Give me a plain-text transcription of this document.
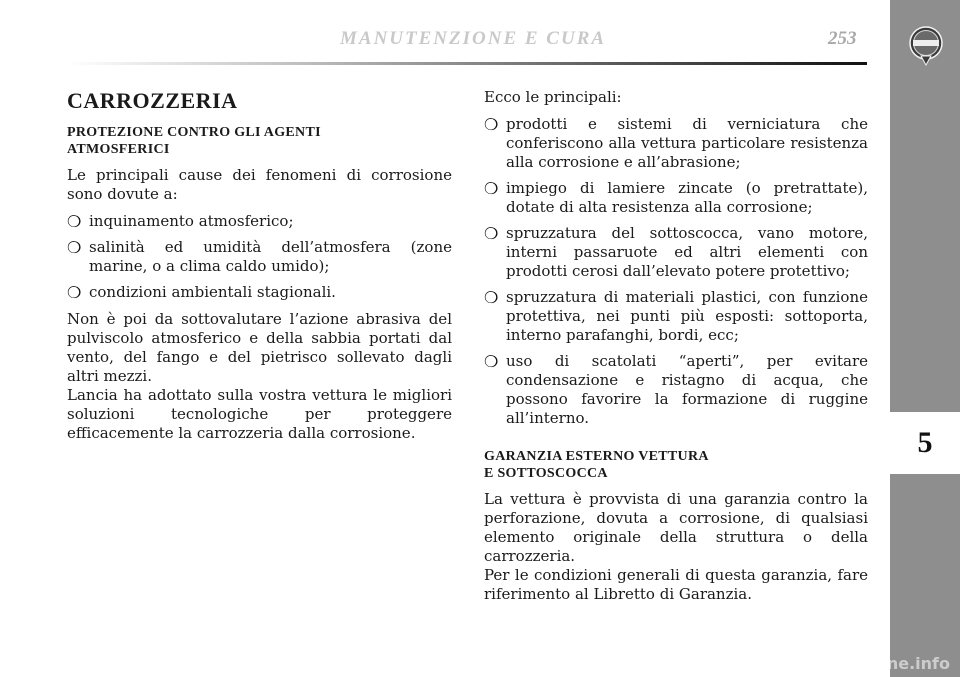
MANUTENZIONE E CURA	253
5
CARROZZERIA
PROTEZIONE CONTRO GLI AGENTI
ATMOSFERICI

Le principali cause dei fenomeni di corrosione sono dovute a:

❍ inquinamento atmosferico;
❍ salinità ed umidità dell’atmosfera (zone marine, o a clima caldo umido);
❍ condizioni ambientali stagionali.

Non è poi da sottovalutare l’azione abrasiva del pulviscolo atmosferico e della sabbia portati dal vento, del fango e del pietrisco sollevato dagli altri mezzi.

Lancia ha adottato sulla vostra vettura le migliori soluzioni tecnologiche per proteggere efficacemente la carrozzeria dalla corrosione.

Ecco le principali:

❍ prodotti e sistemi di verniciatura che conferiscono alla vettura particolare resistenza alla corrosione e all’abrasione;
❍ impiego di lamiere zincate (o pretrattate), dotate di alta resistenza alla corrosione;
❍ spruzzatura del sottoscocca, vano motore, interni passaruote ed altri elementi con prodotti cerosi dall’elevato potere protettivo;
❍ spruzzatura di materiali plastici, con funzione protettiva, nei punti più esposti: sottoporta, interno parafanghi, bordi, ecc;
❍ uso di scatolati “aperti”, per evitare condensazione e ristagno di acqua, che possono favorire la formazione di ruggine all’interno.
GARANZIA ESTERNO VETTURA
E SOTTOSCOCCA

La vettura è provvista di una garanzia contro la perforazione, dovuta a corrosione, di qualsiasi elemento originale della struttura o della carrozzeria.

Per le condizioni generali di questa garanzia, fare riferimento al Libretto di Garanzia.

carmanualsonline.info
